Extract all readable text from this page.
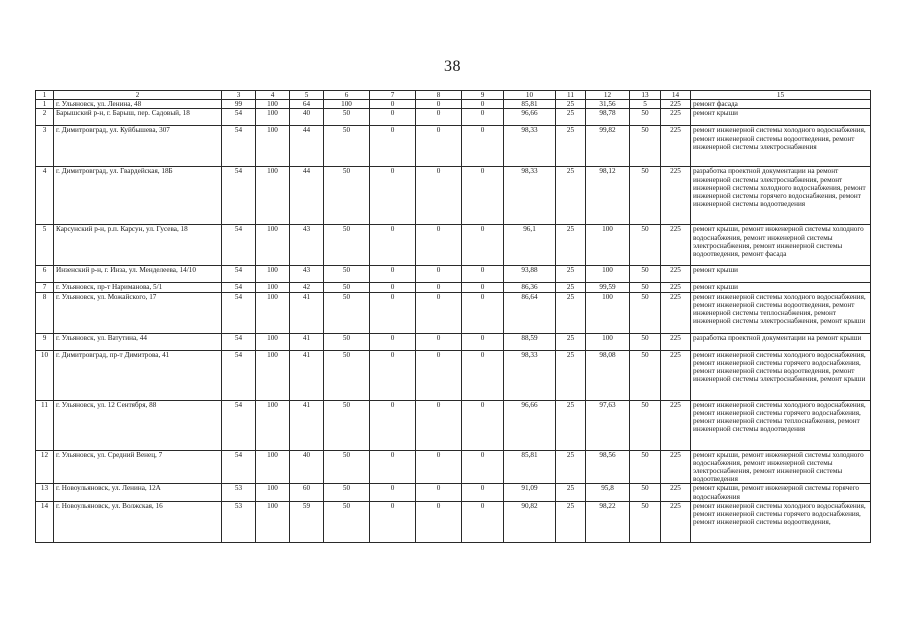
38
1	2	3	4	5	6	7	8	9	10	11	12	13	14	15
1	г. Ульяновск, ул. Ленина, 48	99	100	64	100	0	0	0	85,81	25	31,56	5	225	ремонт фасада
2	Барышский р-н, г. Барыш, пер. Садовый, 18	54	100	40	50	0	0	0	96,66	25	98,78	50	225	ремонт крыши
3	г. Димитровград, ул. Куйбышева, 307	54	100	44	50	0	0	0	98,33	25	99,82	50	225	ремонт инженерной системы холодного водоснабжения, ремонт инженерной системы водоотведения, ремонт инженерной системы электроснабжения
4	г. Димитровград, ул. Гвардейская, 18Б	54	100	44	50	0	0	0	98,33	25	98,12	50	225	разработка проектной документации на ремонт инженерной системы электроснабжения, ремонт инженерной системы холодного водоснабжения, ремонт инженерной системы горячего водоснабжения, ремонт инженерной системы водоотведения
5	Карсунский р-н, р.п. Карсун, ул. Гусева, 18	54	100	43	50	0	0	0	96,1	25	100	50	225	ремонт крыши, ремонт инженерной системы холодного водоснабжения, ремонт инженерной системы электроснабжения, ремонт инженерной системы водоотведения, ремонт фасада
6	Инзенский р-н, г. Инза, ул. Менделеева, 14/10	54	100	43	50	0	0	0	93,88	25	100	50	225	ремонт крыши
7	г. Ульяновск, пр-т Нариманова, 5/1	54	100	42	50	0	0	0	86,36	25	99,59	50	225	ремонт крыши
8	г. Ульяновск, ул. Можайского, 17	54	100	41	50	0	0	0	86,64	25	100	50	225	ремонт инженерной системы холодного водоснабжения, ремонт инженерной системы водоотведения, ремонт инженерной системы теплоснабжения, ремонт инженерной системы электроснабжения, ремонт крыши
9	г. Ульяновск, ул. Ватутина, 44	54	100	41	50	0	0	0	88,59	25	100	50	225	разработка проектной документации на ремонт крыши
10	г. Димитровград, пр-т Димитрова, 41	54	100	41	50	0	0	0	98,33	25	98,08	50	225	ремонт инженерной системы холодного водоснабжения, ремонт инженерной системы горячего водоснабжения, ремонт инженерной системы водоотведения, ремонт инженерной системы электроснабжения, ремонт крыши
11	г. Ульяновск, ул. 12 Сентября, 88	54	100	41	50	0	0	0	96,66	25	97,63	50	225	ремонт инженерной системы холодного водоснабжения, ремонт инженерной системы горячего водоснабжения, ремонт инженерной системы теплоснабжения, ремонт инженерной системы водоотведения
12	г. Ульяновск, ул. Средний Венец, 7	54	100	40	50	0	0	0	85,81	25	98,56	50	225	ремонт крыши, ремонт инженерной системы холодного водоснабжения, ремонт инженерной системы электроснабжения, ремонт инженерной системы водоотведения
13	г. Новоульяновск, ул. Ленина, 12А	53	100	60	50	0	0	0	91,09	25	95,8	50	225	ремонт крыши, ремонт инженерной системы горячего водоснабжения
14	г. Новоульяновск, ул. Волжская, 16	53	100	59	50	0	0	0	90,82	25	98,22	50	225	ремонт инженерной системы холодного водоснабжения, ремонт инженерной системы горячего водоснабжения, ремонт инженерной системы водоотведения,
